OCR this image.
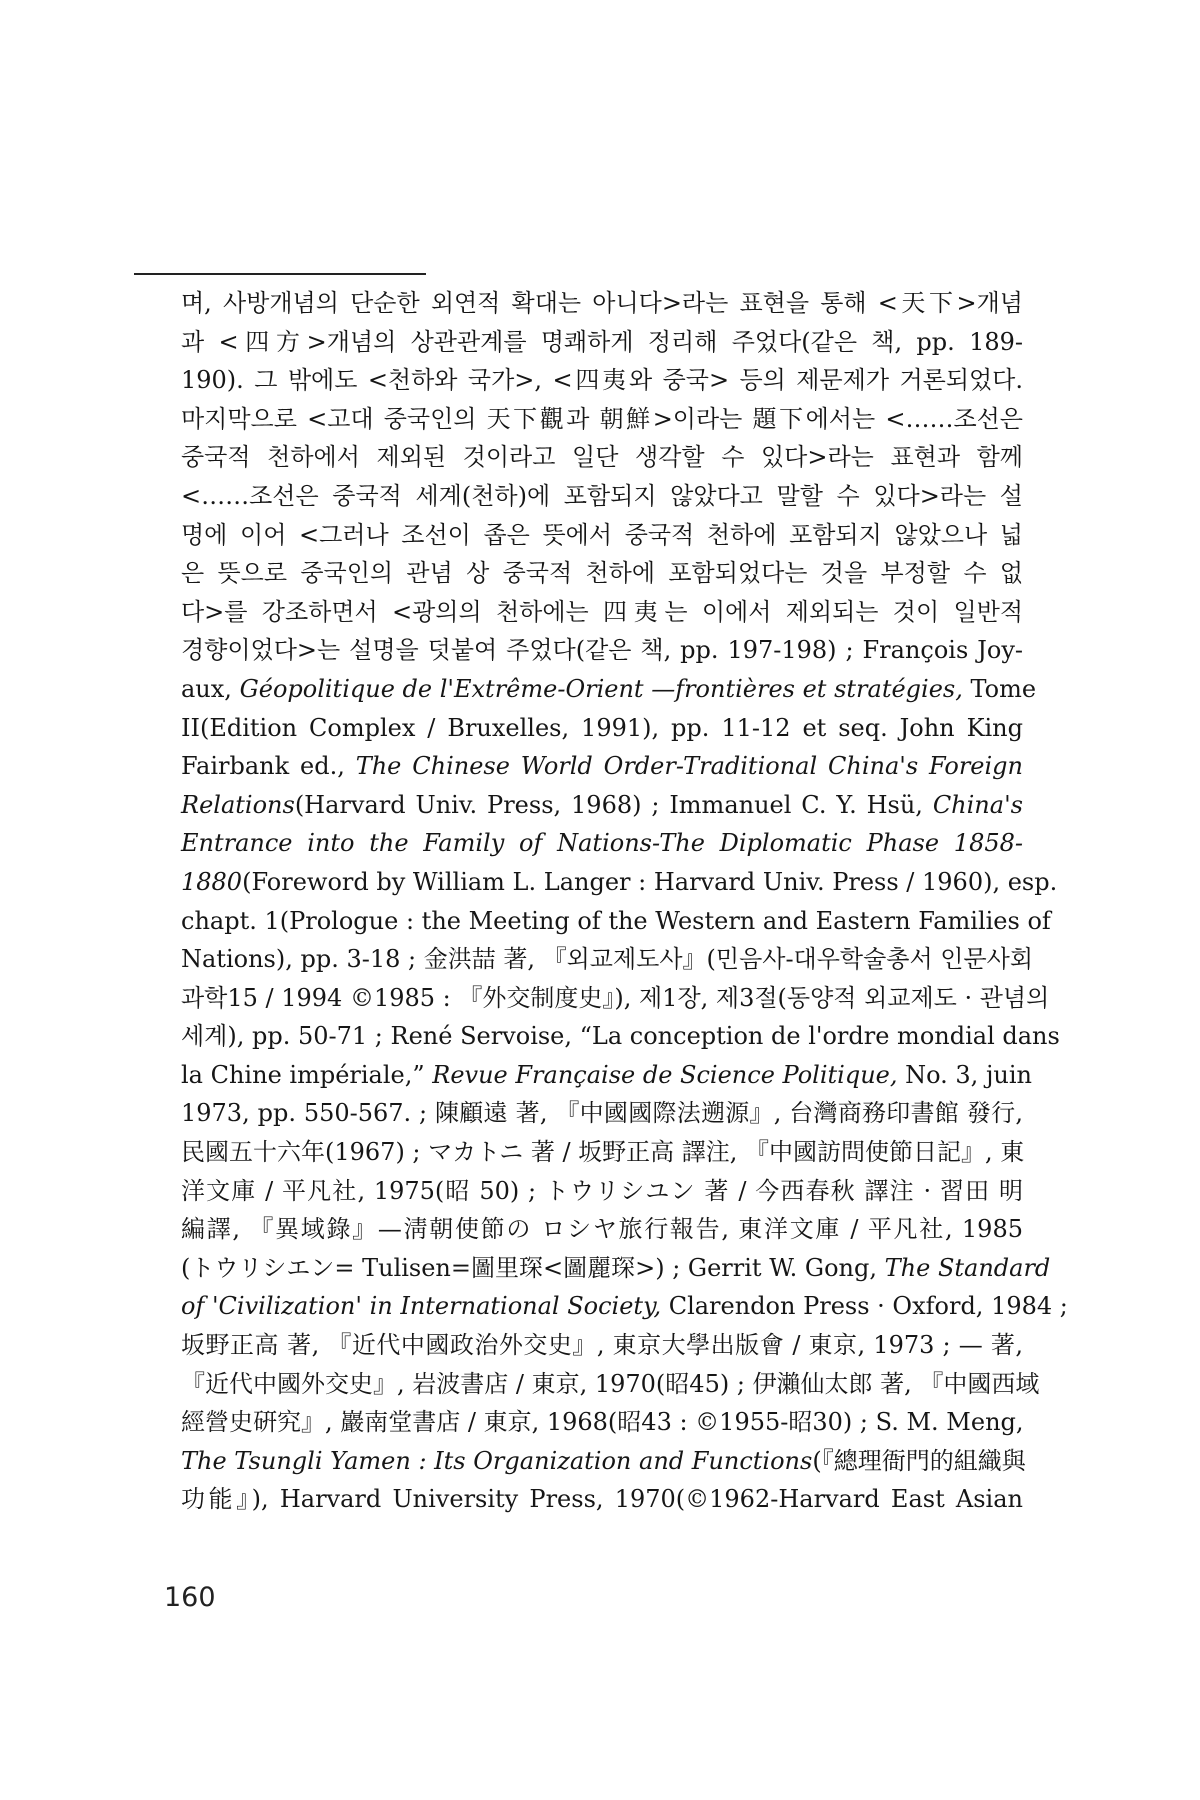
며, 사방개념의 단순한 외연적 확대는 아니다>라는 표현을 통해 <天下>개념
과 <四方>개념의 상관관계를 명쾌하게 정리해 주었다(같은 책, pp. 189-
190). 그 밖에도 <천하와 국가>, <四夷와 중국> 등의 제문제가 거론되었다.
마지막으로 <고대 중국인의 天下觀과 朝鮮>이라는 題下에서는 <……조선은
중국적 천하에서 제외된 것이라고 일단 생각할 수 있다>라는 표현과 함께
<……조선은 중국적 세계(천하)에 포함되지 않았다고 말할 수 있다>라는 설
명에 이어 <그러나 조선이 좁은 뜻에서 중국적 천하에 포함되지 않았으나 넓
은 뜻으로 중국인의 관념 상 중국적 천하에 포함되었다는 것을 부정할 수 없
다>를 강조하면서 <광의의 천하에는 四夷는 이에서 제외되는 것이 일반적
경향이었다>는 설명을 덧붙여 주었다(같은 책, pp. 197-198) ; François Joy-
aux, Géopolitique de l'Extrême-Orient —frontières et stratégies, Tome
II(Edition Complex / Bruxelles, 1991), pp. 11-12 et seq. John King
Fairbank ed., The Chinese World Order-Traditional China's Foreign
Relations(Harvard Univ. Press, 1968) ; Immanuel C. Y. Hsü, China's
Entrance into the Family of Nations-The Diplomatic Phase 1858-
1880(Foreword by William L. Langer : Harvard Univ. Press / 1960), esp.
chapt. 1(Prologue : the Meeting of the Western and Eastern Families of
Nations), pp. 3-18 ; 金洪喆 著, 『외교제도사』(민음사-대우학술총서 인문사회
과학15 / 1994 ©1985 : 『外交制度史』), 제1장, 제3절(동양적 외교제도 · 관념의
세계), pp. 50-71 ; René Servoise, “La conception de l'ordre mondial dans
la Chine impériale,” Revue Française de Science Politique, No. 3, juin
1973, pp. 550-567. ; 陳顧遠 著, 『中國國際法遡源』, 台灣商務印書館 發行,
民國五十六年(1967) ; マカトニ 著 / 坂野正高 譯注, 『中國訪問使節日記』, 東
洋文庫 / 平凡社, 1975(昭 50) ; トウリシユン 著 / 今西春秋 譯注 · 習田 明
編譯, 『異域錄』—淸朝使節の ロシヤ旅行報告, 東洋文庫 / 平凡社, 1985
(トウリシエン= Tulisen=圖里琛<圖麗琛>) ; Gerrit W. Gong, The Standard
of 'Civilization' in International Society, Clarendon Press · Oxford, 1984 ;
坂野正高 著, 『近代中國政治外交史』, 東京大學出版會 / 東京, 1973 ; — 著,
『近代中國外交史』, 岩波書店 / 東京, 1970(昭45) ; 伊瀨仙太郎 著, 『中國西域
經營史硏究』, 巖南堂書店 / 東京, 1968(昭43 : ©1955-昭30) ; S. M. Meng,
The Tsungli Yamen : Its Organization and Functions(『總理衙門的組織與
功能』), Harvard University Press, 1970(©1962-Harvard East Asian
160
